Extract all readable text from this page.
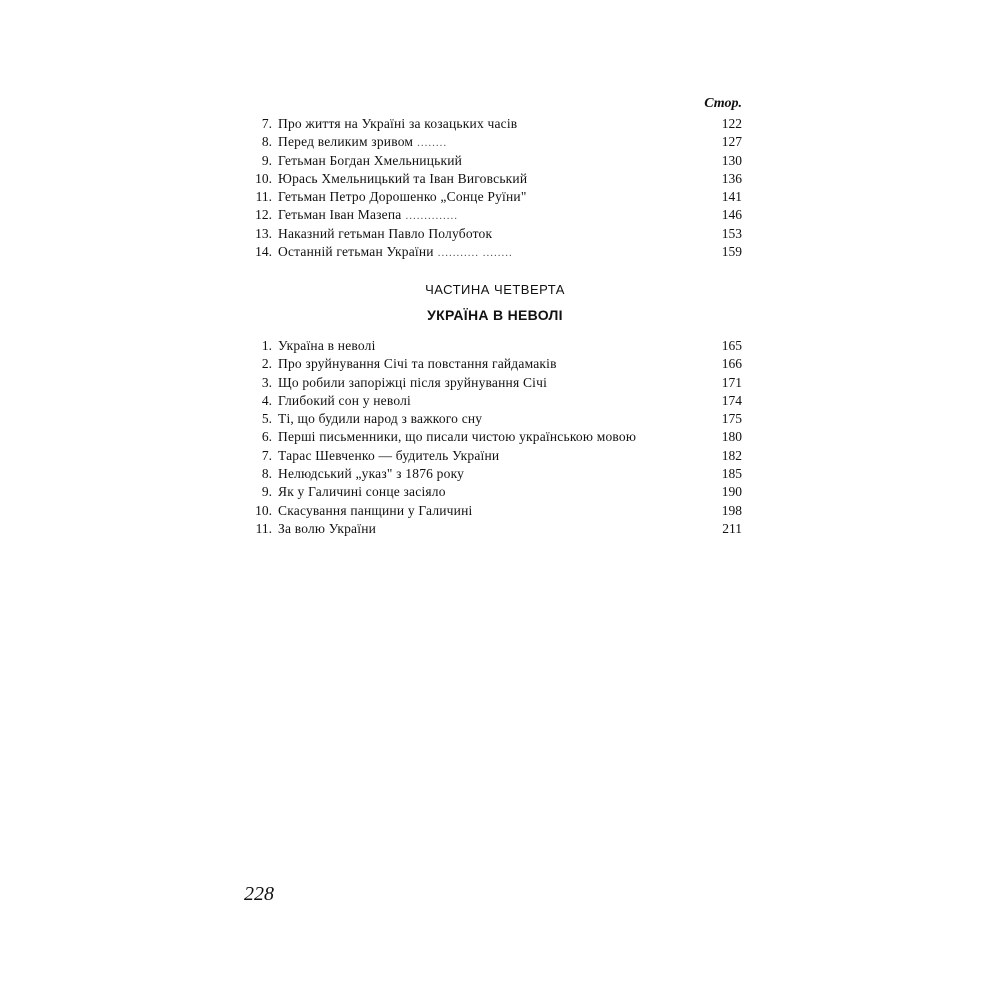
Стор.
7. Про життя на Україні за козацьких часів	122
8. Перед великим зривом ........	127
9. Гетьман Богдан Хмельницький	130
10. Юрась Хмельницький та Іван Виговський	136
11. Гетьман Петро Дорошенко „Сонце Руїни"	141
12. Гетьман Іван Мазепа ..............	146
13. Наказний гетьман Павло Полуботок	153
14. Останній гетьман України ........... ........	159
ЧАСТИНА ЧЕТВЕРТА
УКРАЇНА В НЕВОЛІ
1. Україна в неволі	165
2. Про зруйнування Січі та повстання гайдамаків	166
3. Що робили запоріжці після зруйнування Січі	171
4. Глибокий сон у неволі	174
5. Ті, що будили народ з важкого сну	175
6. Перші письменники, що писали чистою українською мовою	180
7. Тарас Шевченко — будитель України	182
8. Нелюдський „указ" з 1876 року	185
9. Як у Галичині сонце засіяло	190
10. Скасування панщини у Галичині	198
11. За волю України	211
228
